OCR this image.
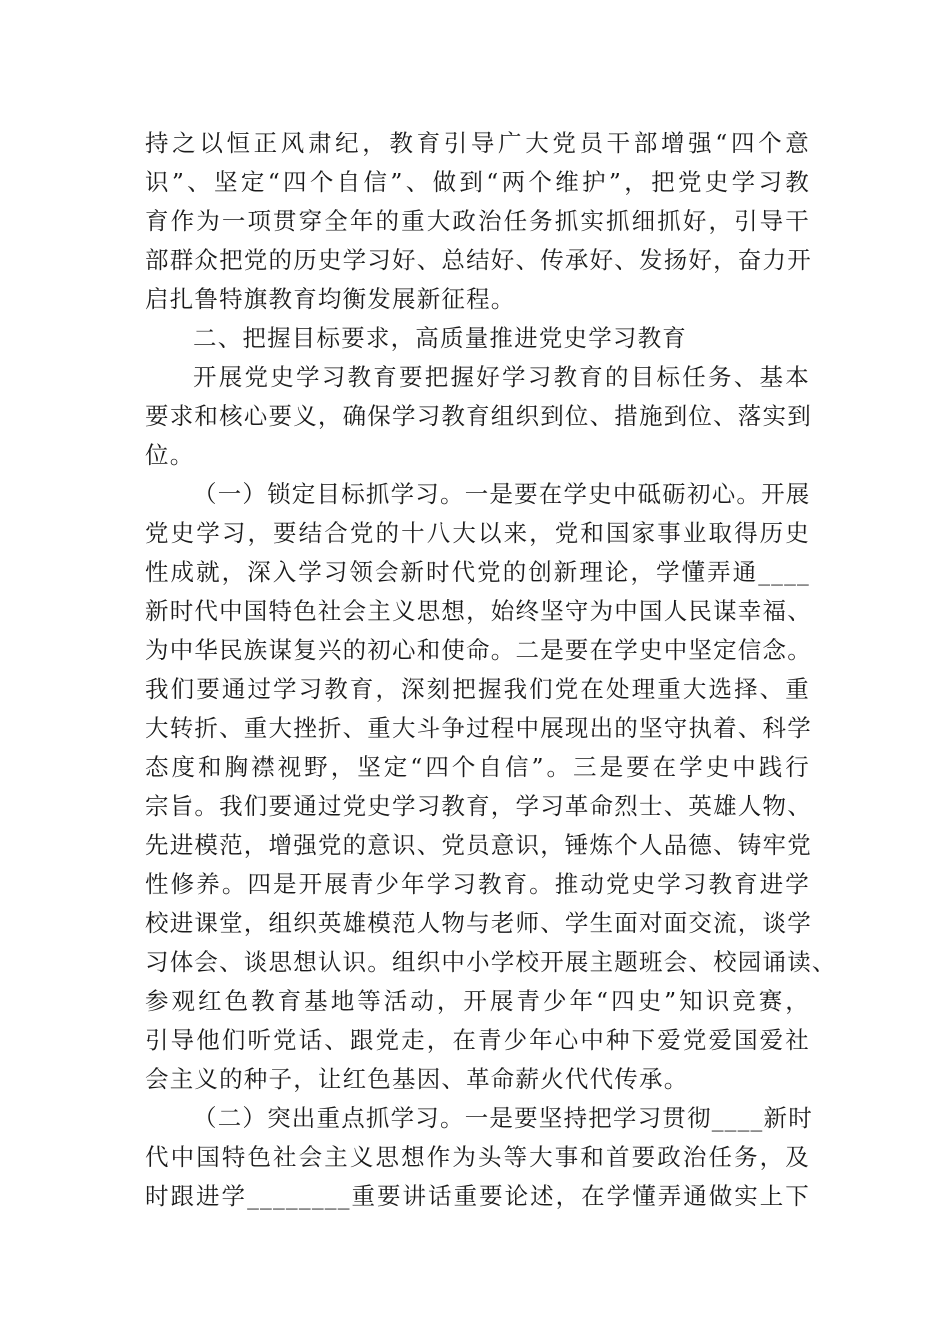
持之以恒正风肃纪，教育引导广大党员干部增强“四个意
识”、坚定“四个自信”、做到“两个维护”，把党史学习教
育作为一项贯穿全年的重大政治任务抓实抓细抓好，引导干
部群众把党的历史学习好、总结好、传承好、发扬好，奋力开
启扎鲁特旗教育均衡发展新征程。
二、把握目标要求，高质量推进党史学习教育
开展党史学习教育要把握好学习教育的目标任务、基本
要求和核心要义，确保学习教育组织到位、措施到位、落实到
位。
（一）锁定目标抓学习。一是要在学史中砥砺初心。开展
党史学习，要结合党的十八大以来，党和国家事业取得历史
性成就，深入学习领会新时代党的创新理论，学懂弄通____
新时代中国特色社会主义思想，始终坚守为中国人民谋幸福、
为中华民族谋复兴的初心和使命。二是要在学史中坚定信念。
我们要通过学习教育，深刻把握我们党在处理重大选择、重
大转折、重大挫折、重大斗争过程中展现出的坚守执着、科学
态度和胸襟视野，坚定“四个自信”。三是要在学史中践行
宗旨。我们要通过党史学习教育，学习革命烈士、英雄人物、
先进模范，增强党的意识、党员意识，锤炼个人品德、铸牢党
性修养。四是开展青少年学习教育。推动党史学习教育进学
校进课堂，组织英雄模范人物与老师、学生面对面交流，谈学
习体会、谈思想认识。组织中小学校开展主题班会、校园诵读、
参观红色教育基地等活动，开展青少年“四史”知识竞赛，
引导他们听党话、跟党走，在青少年心中种下爱党爱国爱社
会主义的种子，让红色基因、革命薪火代代传承。
（二）突出重点抓学习。一是要坚持把学习贯彻____新时
代中国特色社会主义思想作为头等大事和首要政治任务，及
时跟进学________重要讲话重要论述，在学懂弄通做实上下
